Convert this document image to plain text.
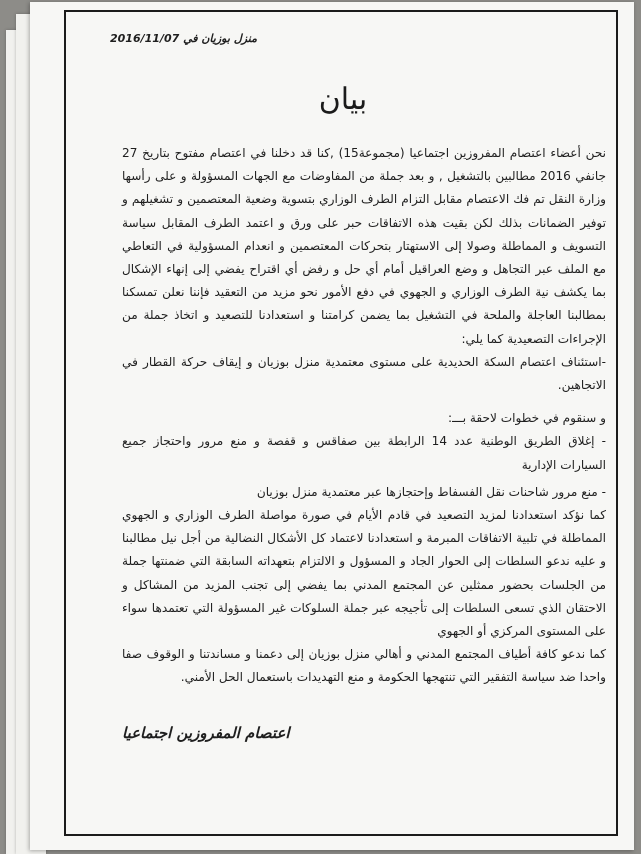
منزل بوزيان في 2016/11/07
بيان

نحن أعضاء اعتصام المفروزين اجتماعيا (مجموعة15) ,كنا قد دخلنا في اعتصام مفتوح بتاريخ 27 جانفي 2016 مطالبين بالتشغيل , و بعد جملة من المفاوضات مع الجهات المسؤولة و على رأسها وزارة النقل تم فك الاعتصام مقابل التزام الطرف الوزاري بتسوية وضعية المعتصمين و تشغيلهم و توفير الضمانات بذلك لكن بقيت هذه الاتفاقات حبر على ورق و اعتمد الطرف المقابل سياسة التسويف و المماطلة وصولا إلى الاستهتار بتحركات المعتصمين و انعدام المسؤولية في التعاطي مع الملف عبر التجاهل و وضع العراقيل أمام أي حل و رفض أي اقتراح يفضي إلى إنهاء الإشكال بما يكشف نية الطرف الوزاري و الجهوي في دفع الأمور نحو مزيد من التعقيد فإننا نعلن تمسكنا بمطالبنا العاجلة والملحة في التشغيل بما يضمن كرامتنا و استعدادنا للتصعيد و اتخاذ جملة من الإجراءات التصعيدية كما يلي:

-استئناف اعتصام السكة الحديدية على مستوى معتمدية منزل بوزيان و إيقاف حركة القطار في الاتجاهين.

و سنقوم في خطوات لاحقة بـــ:

- إغلاق الطريق الوطنية عدد 14 الرابطة بين صفاقس و قفصة و منع مرور واحتجاز جميع السيارات الإدارية

- منع مرور شاحنات نقل الفسفاط وإحتجازها عبر معتمدية منزل بوزيان

كما نؤكد استعدادنا لمزيد التصعيد في قادم الأيام في صورة مواصلة الطرف الوزاري و الجهوي المماطلة في تلبية الاتفاقات المبرمة و استعدادنا لاعتماد كل الأشكال النضالية من أجل نيل مطالبنا و عليه ندعو السلطات إلى الحوار الجاد و المسؤول و الالتزام بتعهداته السابقة التي ضمنتها جملة من الجلسات بحضور ممثلين عن المجتمع المدني بما يفضي إلى تجنب المزيد من المشاكل و الاحتقان الذي تسعى السلطات إلى تأجيجه عبر جملة السلوكات غير المسؤولة التي تعتمدها سواء على المستوى المركزي أو الجهوي

كما ندعو كافة أطياف المجتمع المدني و أهالي منزل بوزيان إلى دعمنا و مساندتنا و الوقوف صفا واحدا ضد سياسة التفقير التي تنتهجها الحكومة و منع التهديدات باستعمال الحل الأمني.

اعتصام المفروزين اجتماعيا
